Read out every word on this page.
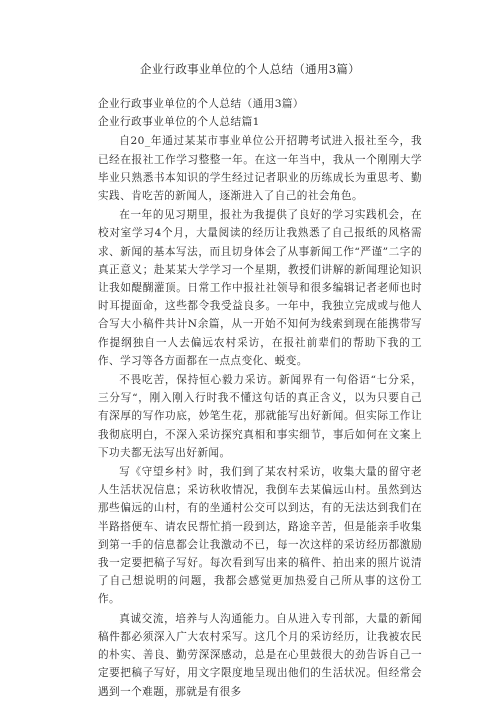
企业行政事业单位的个人总结（通用3篇）

企业行政事业单位的个人总结（通用3篇）

企业行政事业单位的个人总结篇1

自20_年通过某某市事业单位公开招聘考试进入报社至今，我已经在报社工作学习整整一年。在这一年当中，我从一个刚刚大学毕业只熟悉书本知识的学生经过记者职业的历练成长为重思考、勤实践、肯吃苦的新闻人，逐渐进入了自己的社会角色。

在一年的见习期里，报社为我提供了良好的学习实践机会，在校对室学习4个月，大量阅读的经历让我熟悉了自己报纸的风格需求、新闻的基本写法，而且切身体会了从事新闻工作“严谨”二字的真正意义；赴某某大学学习一个星期，教授们讲解的新闻理论知识让我如醍醐灌顶。日常工作中报社社领导和很多编辑记者老师也时时耳提面命，这些都令我受益良多。一年中，我独立完成或与他人合写大小稿件共计N余篇，从一开始不知何为线索到现在能携带写作提纲独自一人去偏远农村采访，在报社前辈们的帮助下我的工作、学习等各方面都在一点点变化、蜕变。

不畏吃苦，保持恒心毅力采访。新闻界有一句俗语“七分采，三分写“，刚入刚入行时我不懂这句话的真正含义，以为只要自己有深厚的写作功底，妙笔生花，那就能写出好新闻。但实际工作让我彻底明白，不深入采访探究真相和事实细节，事后如何在文案上下功夫都无法写出好新闻。

写《守望乡村》时，我们到了某农村采访，收集大量的留守老人生活状况信息；采访秋收情况，我倒车去某偏远山村。虽然到达那些偏远的山村，有的坐通村公交可以到达，有的无法达到我们在半路搭便车、请农民帮忙捎一段到达，路途辛苦，但是能亲手收集到第一手的信息都会让我激动不已，每一次这样的采访经历都激励我一定要把稿子写好。每次看到写出来的稿件、拍出来的照片说清了自己想说明的问题，我都会感觉更加热爱自己所从事的这份工作。

真诚交流，培养与人沟通能力。自从进入专刊部，大量的新闻稿件都必须深入广大农村采写。这几个月的采访经历，让我被农民的朴实、善良、勤劳深深感动，总是在心里鼓很大的劲告诉自己一定要把稿子写好，用文字限度地呈现出他们的生活状况。但经常会遇到一个难题，那就是有很多
